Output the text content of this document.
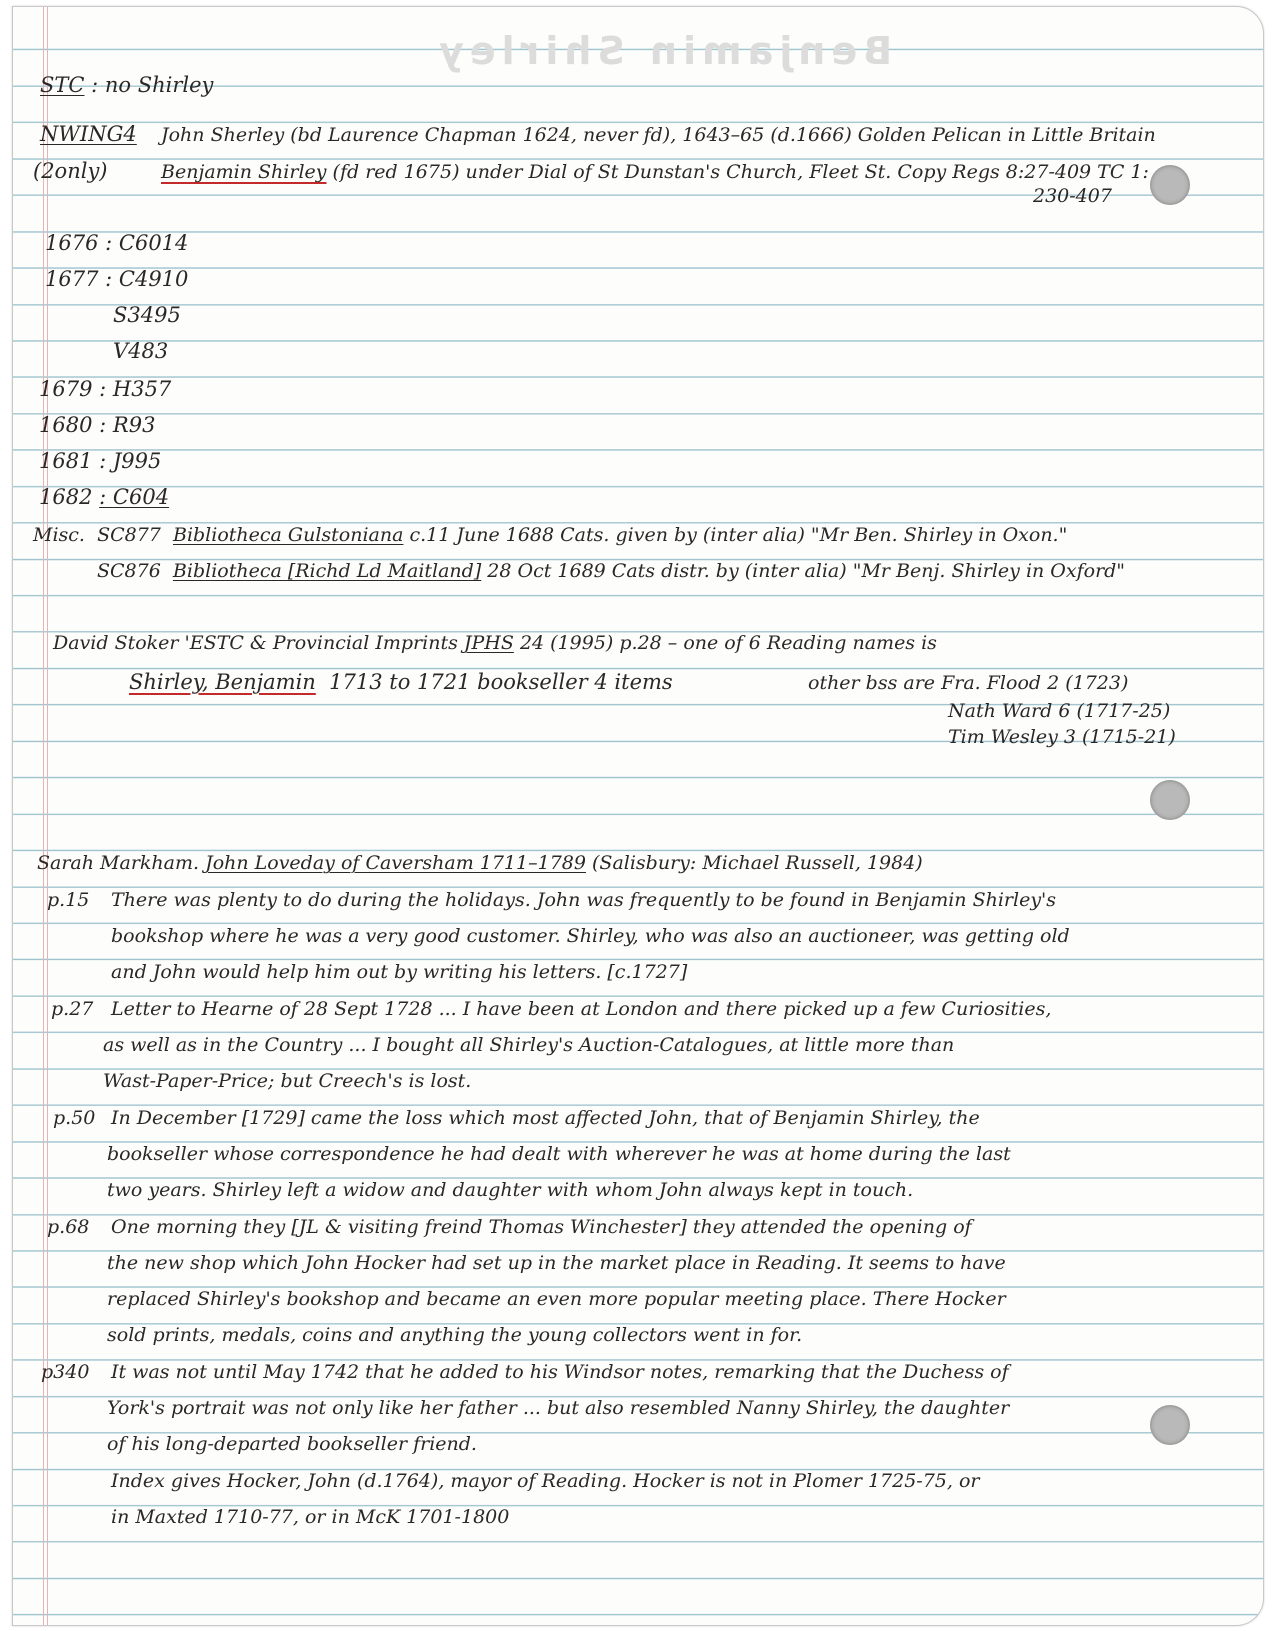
Benjamin Shirley
STC : no Shirley
NWING4 John Sherley (bd Laurence Chapman 1624, never fd), 1643–65 (d.1666) Golden Pelican in Little Britain
(2only)	Benjamin Shirley (fd red 1675) under Dial of St Dunstan's Church, Fleet St. Copy Regs 8:27-409 TC 1:
230-407
1676 : C6014
1677 : C4910
S3495
V483
1679 : H357
1680 : R93
1681 : J995
1682 : C604
Misc. SC877 Bibliotheca Gulstoniana c.11 June 1688 Cats. given by (inter alia) "Mr Ben. Shirley in Oxon."
SC876 Bibliotheca [Richd Ld Maitland] 28 Oct 1689 Cats distr. by (inter alia) "Mr Benj. Shirley in Oxford"
David Stoker 'ESTC & Provincial Imprints JPHS 24 (1995) p.28 – one of 6 Reading names is
Shirley, Benjamin 1713 to 1721 bookseller 4 items	other bss are Fra. Flood 2 (1723)
Nath Ward 6 (1717-25)
Tim Wesley 3 (1715-21)
Sarah Markham. John Loveday of Caversham 1711–1789 (Salisbury: Michael Russell, 1984)
p.15 There was plenty to do during the holidays. John was frequently to be found in Benjamin Shirley's
bookshop where he was a very good customer. Shirley, who was also an auctioneer, was getting old
and John would help him out by writing his letters. [c.1727]
p.27 Letter to Hearne of 28 Sept 1728 ... I have been at London and there picked up a few Curiosities,
as well as in the Country ... I bought all Shirley's Auction-Catalogues, at little more than
Wast-Paper-Price; but Creech's is lost.
p.50 In December [1729] came the loss which most affected John, that of Benjamin Shirley, the
bookseller whose correspondence he had dealt with wherever he was at home during the last
two years. Shirley left a widow and daughter with whom John always kept in touch.
p.68 One morning they [JL & visiting freind Thomas Winchester] they attended the opening of
the new shop which John Hocker had set up in the market place in Reading. It seems to have
replaced Shirley's bookshop and became an even more popular meeting place. There Hocker
sold prints, medals, coins and anything the young collectors went in for.
p340 It was not until May 1742 that he added to his Windsor notes, remarking that the Duchess of
York's portrait was not only like her father ... but also resembled Nanny Shirley, the daughter
of his long-departed bookseller friend.
Index gives Hocker, John (d.1764), mayor of Reading. Hocker is not in Plomer 1725-75, or
in Maxted 1710-77, or in McK 1701-1800
